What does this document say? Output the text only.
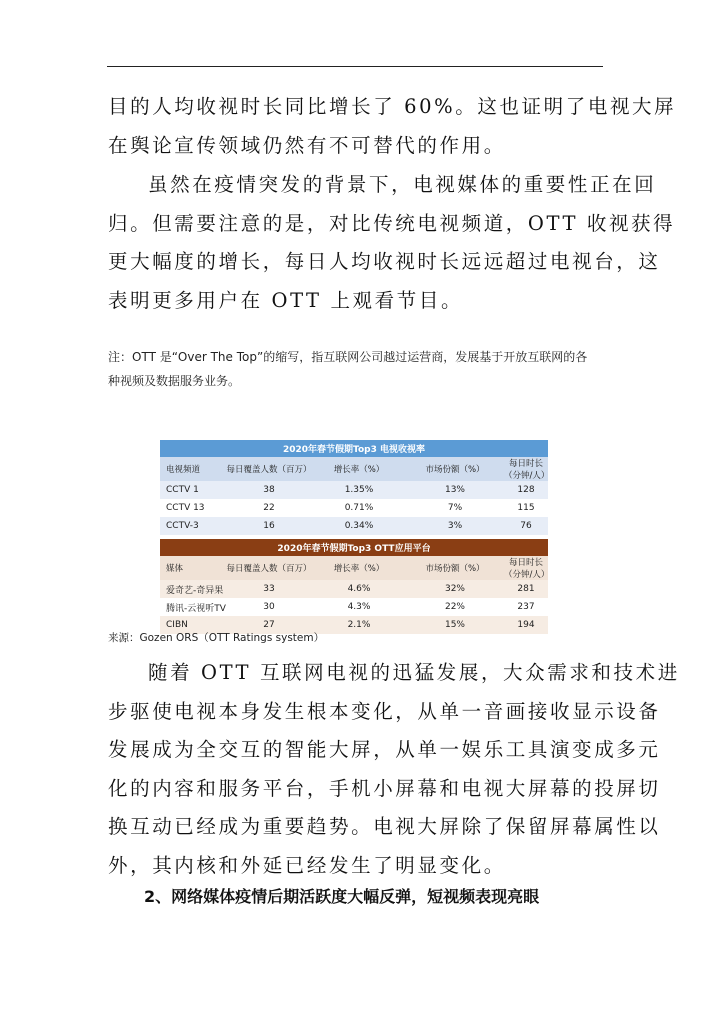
目的人均收视时长同比增长了 60%。这也证明了电视大屏
在舆论宣传领域仍然有不可替代的作用。

虽然在疫情突发的背景下，电视媒体的重要性正在回
归。但需要注意的是，对比传统电视频道，OTT 收视获得
更大幅度的增长，每日人均收视时长远远超过电视台，这
表明更多用户在 OTT 上观看节目。

注：OTT 是“Over The Top”的缩写，指互联网公司越过运营商，发展基于开放互联网的各
种视频及数据服务业务。

2020年春节假期Top3 电视收视率				
电视频道	每日覆盖人数（百万）	增长率（%）	市场份额（%）	每日时长（分钟/人）
CCTV 1	38	1.35%	13%	128
CCTV 13	22	0.71%	7%	115
CCTV-3	16	0.34%	3%	76
2020年春节假期Top3 OTT应用平台				
媒体	每日覆盖人数（百万）	增长率（%）	市场份额（%）	每日时长（分钟/人）
爱奇艺-奇异果	33	4.6%	32%	281
腾讯-云视听TV	30	4.3%	22%	237
CIBN	27	2.1%	15%	194
来源：Gozen ORS（OTT Ratings system）

随着 OTT 互联网电视的迅猛发展，大众需求和技术进
步驱使电视本身发生根本变化，从单一音画接收显示设备
发展成为全交互的智能大屏，从单一娱乐工具演变成多元
化的内容和服务平台，手机小屏幕和电视大屏幕的投屏切
换互动已经成为重要趋势。电视大屏除了保留屏幕属性以
外，其内核和外延已经发生了明显变化。

2、网络媒体疫情后期活跃度大幅反弹，短视频表现亮眼
